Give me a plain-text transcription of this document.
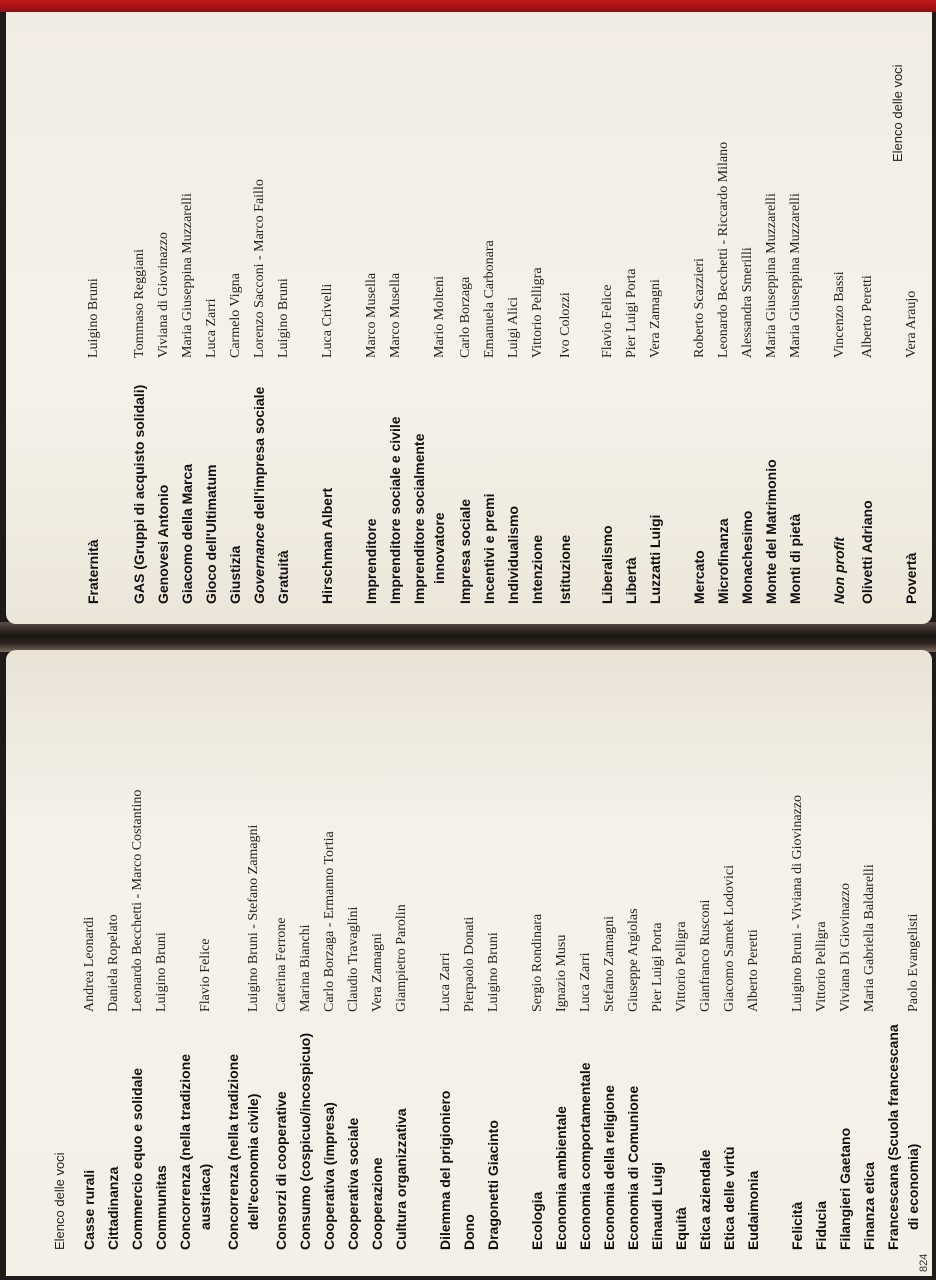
Elenco delle voci
Fraternità
Luigino Bruni
GAS (Gruppi di acquisto solidali)
Tommaso Reggiani
Genovesi Antonio
Viviana di Giovinazzo
Giacomo della Marca
Maria Giuseppina Muzzarelli
Gioco dell'Ultimatum
Luca Zarri
Giustizia
Carmelo Vigna
Governance dell'impresa sociale
Lorenzo Sacconi - Marco Faillo
Gratuità
Luigino Bruni
Hirschman Albert
Luca Crivelli
Imprenditore
Marco Musella
Imprenditore sociale e civile
Marco Musella
Imprenditore socialmente innovatore
Mario Molteni
Impresa sociale
Carlo Borzaga
Incentivi e premi
Emanuela Carbonara
Individualismo
Luigi Alici
Intenzione
Vittorio Pelligra
Istituzione
Ivo Colozzi
Liberalismo
Flavio Felice
Libertà
Pier Luigi Porta
Luzzatti Luigi
Vera Zamagni
Mercato
Roberto Scazzieri
Microfinanza
Leonardo Becchetti - Riccardo Milano
Monachesimo
Alessandra Smerilli
Monte del Matrimonio
Maria Giuseppina Muzzarelli
Monti di pietà
Maria Giuseppina Muzzarelli
Non profit
Vincenzo Bassi
Olivetti Adriano
Alberto Peretti
Povertà
Vera Araujo
Elenco delle voci Casse rurali
Andrea Leonardi
Cittadinanza
Daniela Ropelato
Commercio equo e solidale
Leonardo Becchetti - Marco Costantino
Communitas
Luigino Bruni
Concorrenza (nella tradizione austriaca)
Flavio Felice
Concorrenza (nella tradizione dell'economia civile)
Luigino Bruni - Stefano Zamagni
Consorzi di cooperative
Caterina Ferrone
Consumo (cospicuo/incospicuo)
Marina Bianchi
Cooperativa (impresa)
Carlo Borzaga - Ermanno Tortia
Cooperativa sociale
Claudio Travaglini
Cooperazione
Vera Zamagni
Cultura organizzativa
Giampietro Parolin
Dilemma del prigioniero
Luca Zarri
Dono
Pierpaolo Donati
Dragonetti Giacinto
Luigino Bruni
Ecologia
Sergio Rondinara
Economia ambientale
Ignazio Musu
Economia comportamentale
Luca Zarri
Economia della religione
Stefano Zamagni
Economia di Comunione
Giuseppe Argiolas
Einaudi Luigi
Pier Luigi Porta
Equità
Vittorio Pelligra
Etica aziendale
Gianfranco Rusconi
Etica delle virtù
Giacomo Samek Lodovici
Eudaimonia
Alberto Peretti
Felicità
Luigino Bruni - Viviana di Giovinazzo
Fiducia
Vittorio Pelligra
Filangieri Gaetano
Viviana Di Giovinazzo
Finanza etica
Maria Gabriella Baldarelli
Francescana (Scuola francescana di economia)
Paolo Evangelisti
824
